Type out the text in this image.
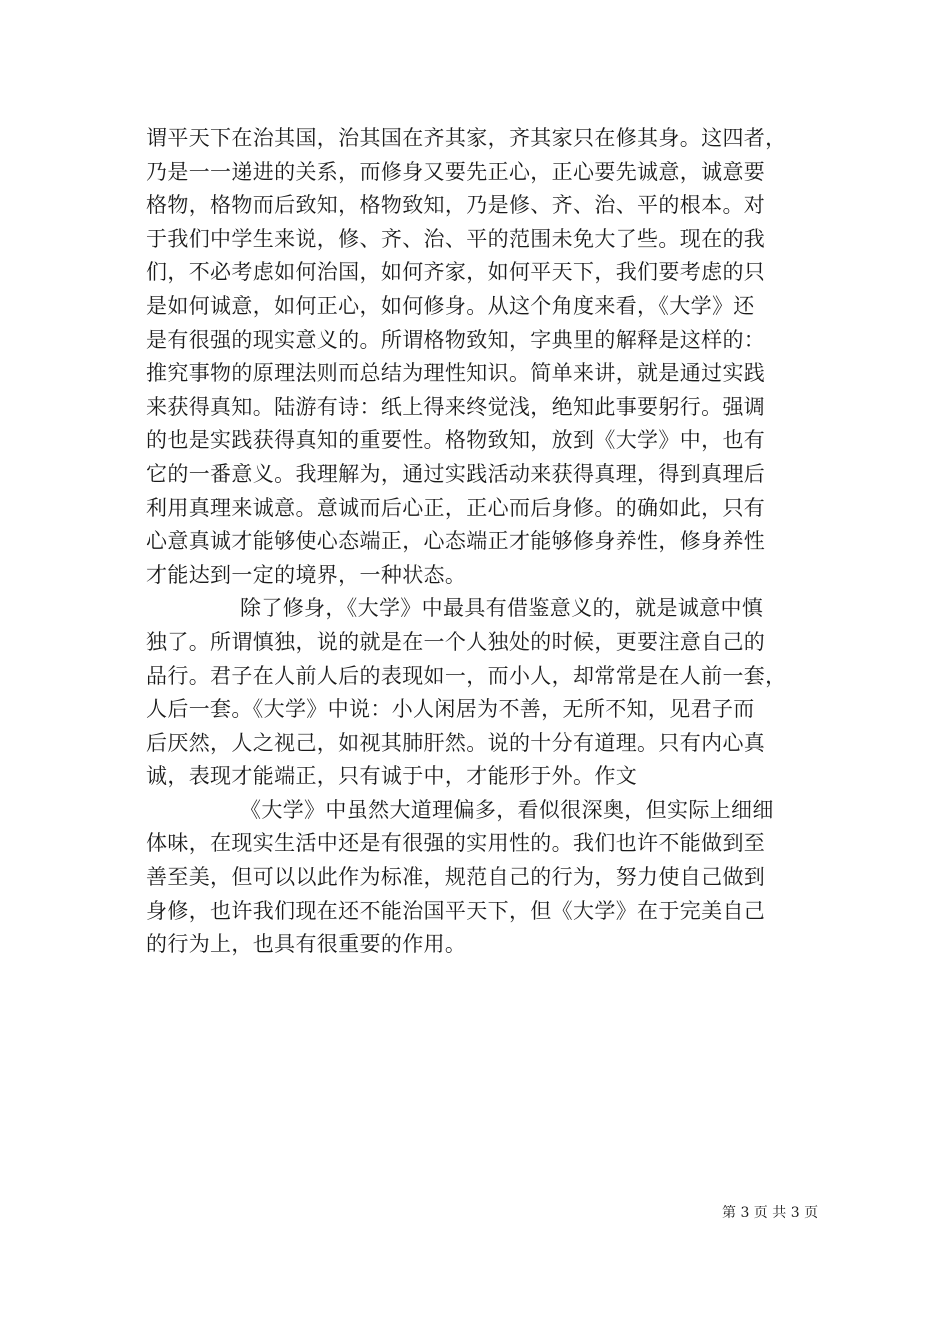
谓平天下在治其国，治其国在齐其家，齐其家只在修其身。这四者，
乃是一一递进的关系，而修身又要先正心，正心要先诚意，诚意要
格物，格物而后致知，格物致知，乃是修、齐、治、平的根本。对
于我们中学生来说，修、齐、治、平的范围未免大了些。现在的我
们，不必考虑如何治国，如何齐家，如何平天下，我们要考虑的只
是如何诚意，如何正心，如何修身。从这个角度来看，《大学》还
是有很强的现实意义的。所谓格物致知，字典里的解释是这样的：
推究事物的原理法则而总结为理性知识。简单来讲，就是通过实践
来获得真知。陆游有诗：纸上得来终觉浅，绝知此事要躬行。强调
的也是实践获得真知的重要性。格物致知，放到《大学》中，也有
它的一番意义。我理解为，通过实践活动来获得真理，得到真理后
利用真理来诚意。意诚而后心正，正心而后身修。的确如此，只有
心意真诚才能够使心态端正，心态端正才能够修身养性，修身养性
才能达到一定的境界，一种状态。
除了修身，《大学》中最具有借鉴意义的，就是诚意中慎
独了。所谓慎独，说的就是在一个人独处的时候，更要注意自己的
品行。君子在人前人后的表现如一，而小人，却常常是在人前一套，
人后一套。《大学》中说：小人闲居为不善，无所不知，见君子而
后厌然，人之视己，如视其肺肝然。说的十分有道理。只有内心真
诚，表现才能端正，只有诚于中，才能形于外。作文
《大学》中虽然大道理偏多，看似很深奥，但实际上细细
体味，在现实生活中还是有很强的实用性的。我们也许不能做到至
善至美，但可以以此作为标准，规范自己的行为，努力使自己做到
身修，也许我们现在还不能治国平天下，但《大学》在于完美自己
的行为上，也具有很重要的作用。
第 3 页 共 3 页
